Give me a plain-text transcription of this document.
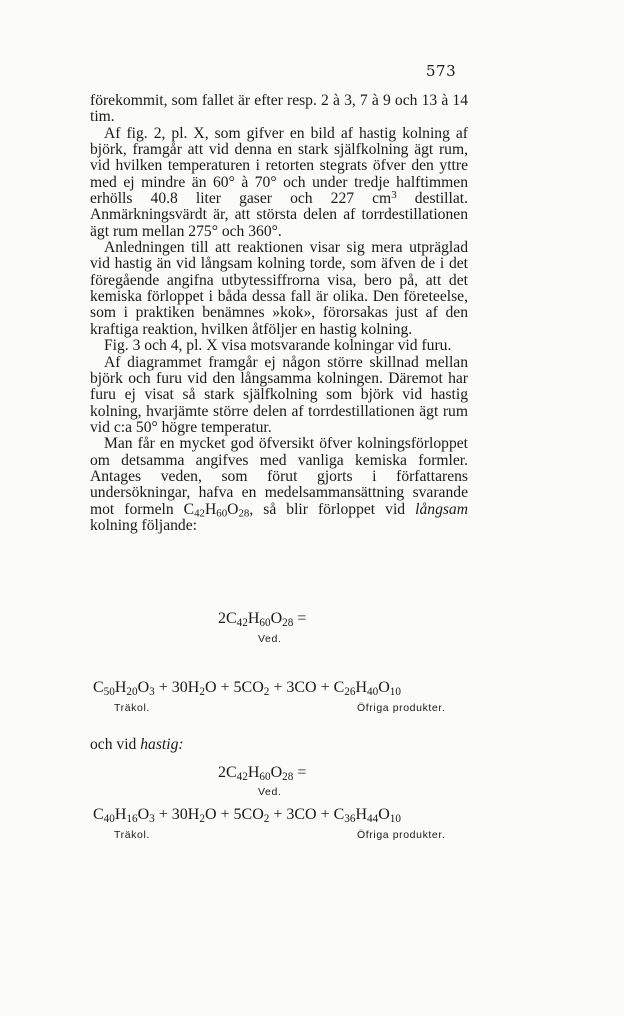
573

förekommit, som fallet är efter resp. 2 à 3, 7 à 9 och 13 à 14 tim.

Af fig. 2, pl. X, som gifver en bild af hastig kolning af björk, framgår att vid denna en stark själfkolning ägt rum, vid hvilken temperaturen i retorten stegrats öfver den yttre med ej mindre än 60° à 70° och under tredje halftimmen erhölls 40.8 liter gaser och 227 $cm^3$ destillat. Anmärkningsvärdt är, att största delen af torrdestillationen ägt rum mellan 275° och 360°.

Anledningen till att reaktionen visar sig mera utpräglad vid hastig än vid långsam kolning torde, som äfven de i det föregående angifna utbytessiffrorna visa, bero på, att det kemiska förloppet i båda dessa fall är olika. Den företeelse, som i praktiken benämnes »kok», förorsakas just af den kraftiga reaktion, hvilken åtföljer en hastig kolning.

Fig. 3 och 4, pl. X visa motsvarande kolningar vid furu.

Af diagrammet framgår ej någon större skillnad mellan björk och furu vid den långsamma kolningen. Däremot har furu ej visat så stark själfkolning som björk vid hastig kolning, hvarjämte större delen af torrdestillationen ägt rum vid c:a 50° högre temperatur.

Man får en mycket god öfversikt öfver kolningsförloppet om detsamma angifves med vanliga kemiska formler. Antages veden, som förut gjorts i författarens undersökningar, hafva en medelsammansättning svarande mot formeln $C_{42}H_{60}O_{28}$, så blir förloppet vid långsam kolning följande:

$2C_{42}H_{60}O_{28}$ =
Ved.
$C_{50}H_{20}O_3 + 30H_2O + 5CO_2 + 3CO + C_{26}H_{40}O_{10}$
Träkol.	Öfriga produkter.
och vid hastig:
$2C_{42}H_{60}O_{28}$ =
Ved.
$C_{40}H_{16}O_3 + 30H_2O + 5CO_2 + 3CO + C_{36}H_{44}O_{10}$
Träkol.	Öfriga produkter.
